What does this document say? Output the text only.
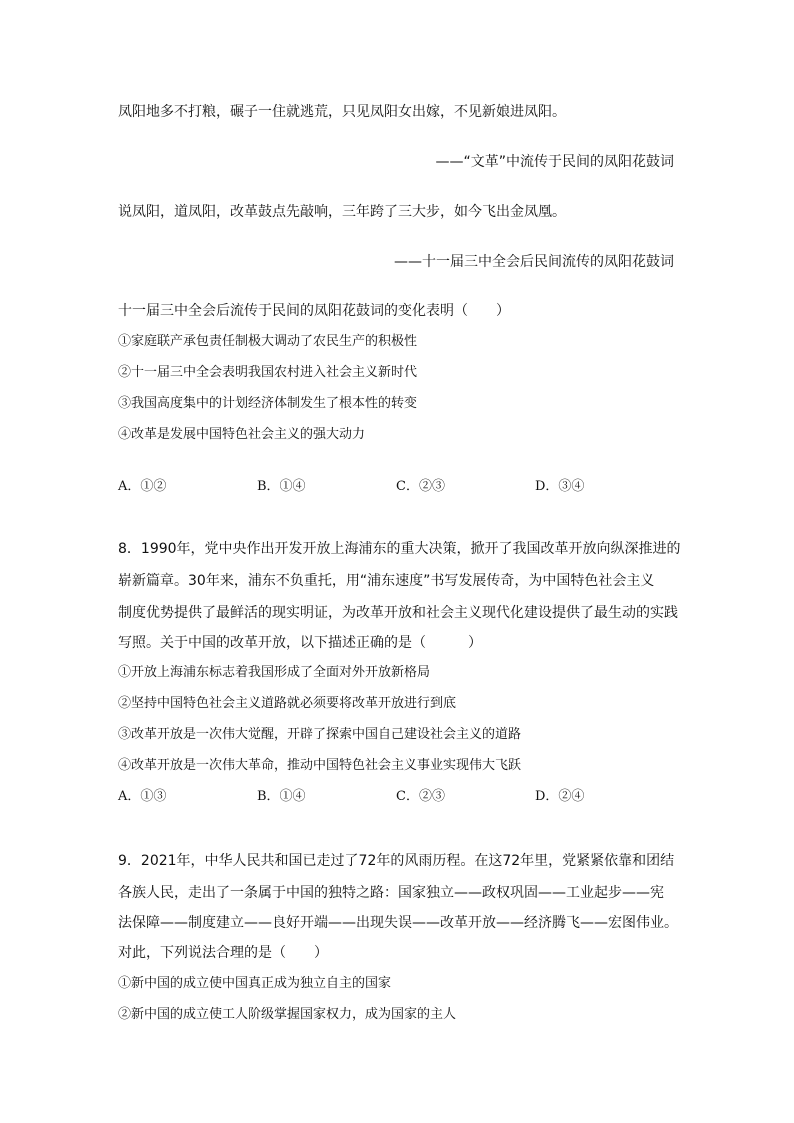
凤阳地多不打粮，碾子一住就逃荒，只见凤阳女出嫁，不见新娘进凤阳。
——“文革”中流传于民间的凤阳花鼓词
说凤阳，道凤阳，改革鼓点先敲响，三年跨了三大步，如今飞出金凤凰。
——十一届三中全会后民间流传的凤阳花鼓词
十一届三中全会后流传于民间的凤阳花鼓词的变化表明（　　）
①家庭联产承包责任制极大调动了农民生产的积极性
②十一届三中全会表明我国农村进入社会主义新时代
③我国高度集中的计划经济体制发生了根本性的转变
④改革是发展中国特色社会主义的强大动力
A．①②	B．①④	C．②③	D．③④
8．1990年，党中央作出开发开放上海浦东的重大决策，掀开了我国改革开放向纵深推进的
崭新篇章。30年来，浦东不负重托，用“浦东速度”书写发展传奇，为中国特色社会主义
制度优势提供了最鲜活的现实明证，为改革开放和社会主义现代化建设提供了最生动的实践
写照。关于中国的改革开放，以下描述正确的是（　　　）
①开放上海浦东标志着我国形成了全面对外开放新格局
②坚持中国特色社会主义道路就必须要将改革开放进行到底
③改革开放是一次伟大觉醒，开辟了探索中国自己建设社会主义的道路
④改革开放是一次伟大革命，推动中国特色社会主义事业实现伟大飞跃
A．①③	B．①④	C．②③	D．②④
9．2021年，中华人民共和国已走过了72年的风雨历程。在这72年里，党紧紧依靠和团结
各族人民，走出了一条属于中国的独特之路：国家独立——政权巩固——工业起步——宪
法保障——制度建立——良好开端——出现失误——改革开放——经济腾飞——宏图伟业。
对此，下列说法合理的是（　　）
①新中国的成立使中国真正成为独立自主的国家
②新中国的成立使工人阶级掌握国家权力，成为国家的主人
